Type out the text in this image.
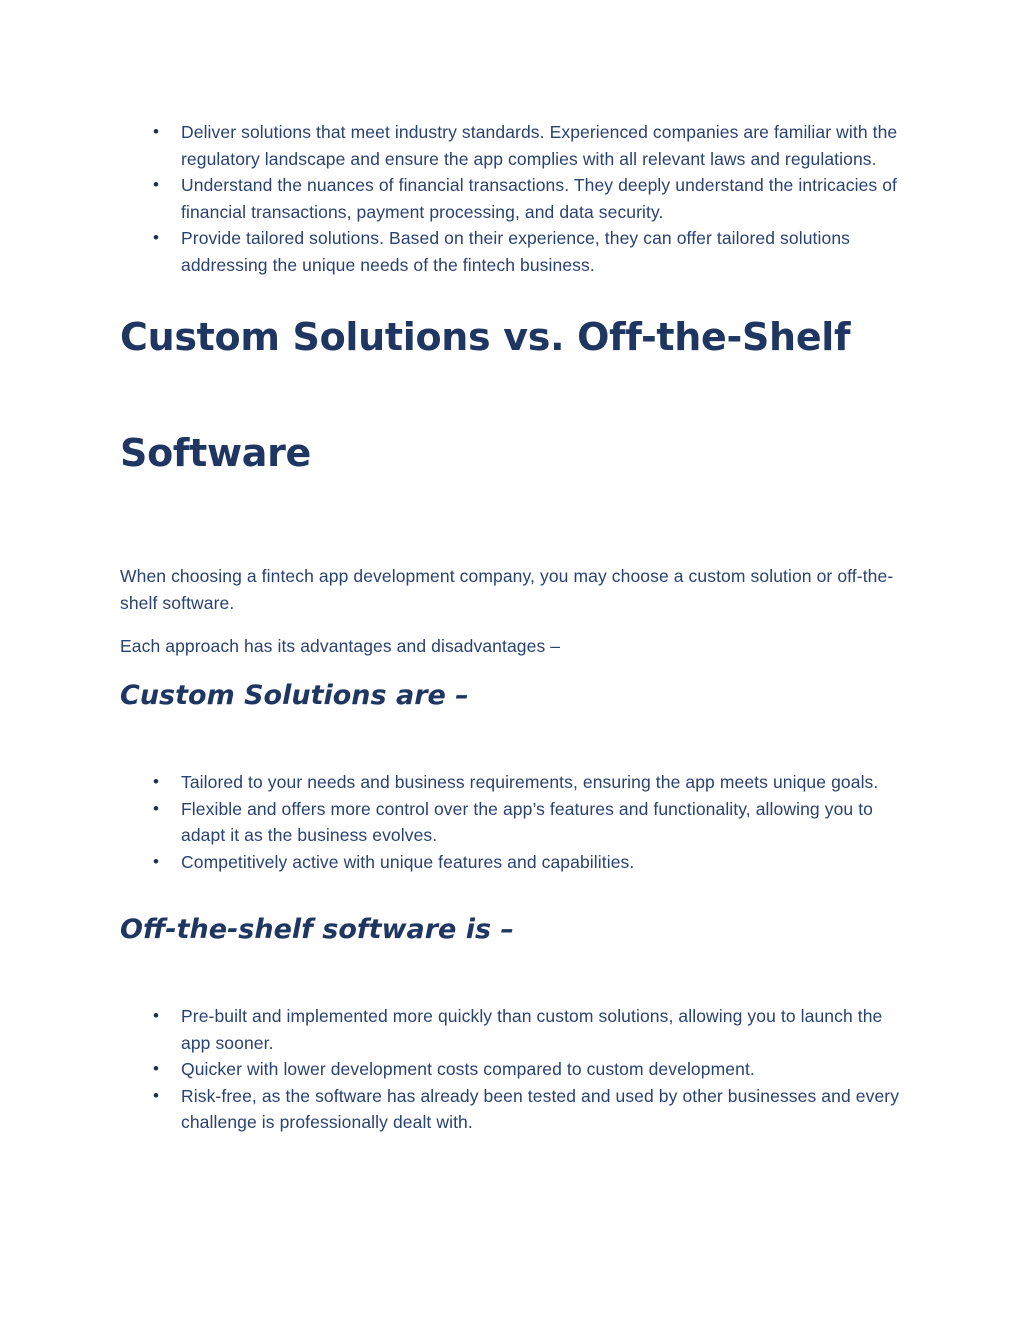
• Deliver solutions that meet industry standards. Experienced companies are familiar with the regulatory landscape and ensure the app complies with all relevant laws and regulations.
• Understand the nuances of financial transactions. They deeply understand the intricacies of financial transactions, payment processing, and data security.
• Provide tailored solutions. Based on their experience, they can offer tailored solutions addressing the unique needs of the fintech business.
Custom Solutions vs. Off-the-Shelf
Software

When choosing a fintech app development company, you may choose a custom solution or off-the-shelf software.

Each approach has its advantages and disadvantages –

Custom Solutions are –
• Tailored to your needs and business requirements, ensuring the app meets unique goals.
• Flexible and offers more control over the app’s features and functionality, allowing you to adapt it as the business evolves.
• Competitively active with unique features and capabilities.
Off-the-shelf software is –
• Pre-built and implemented more quickly than custom solutions, allowing you to launch the app sooner.
• Quicker with lower development costs compared to custom development.
• Risk-free, as the software has already been tested and used by other businesses and every challenge is professionally dealt with.
